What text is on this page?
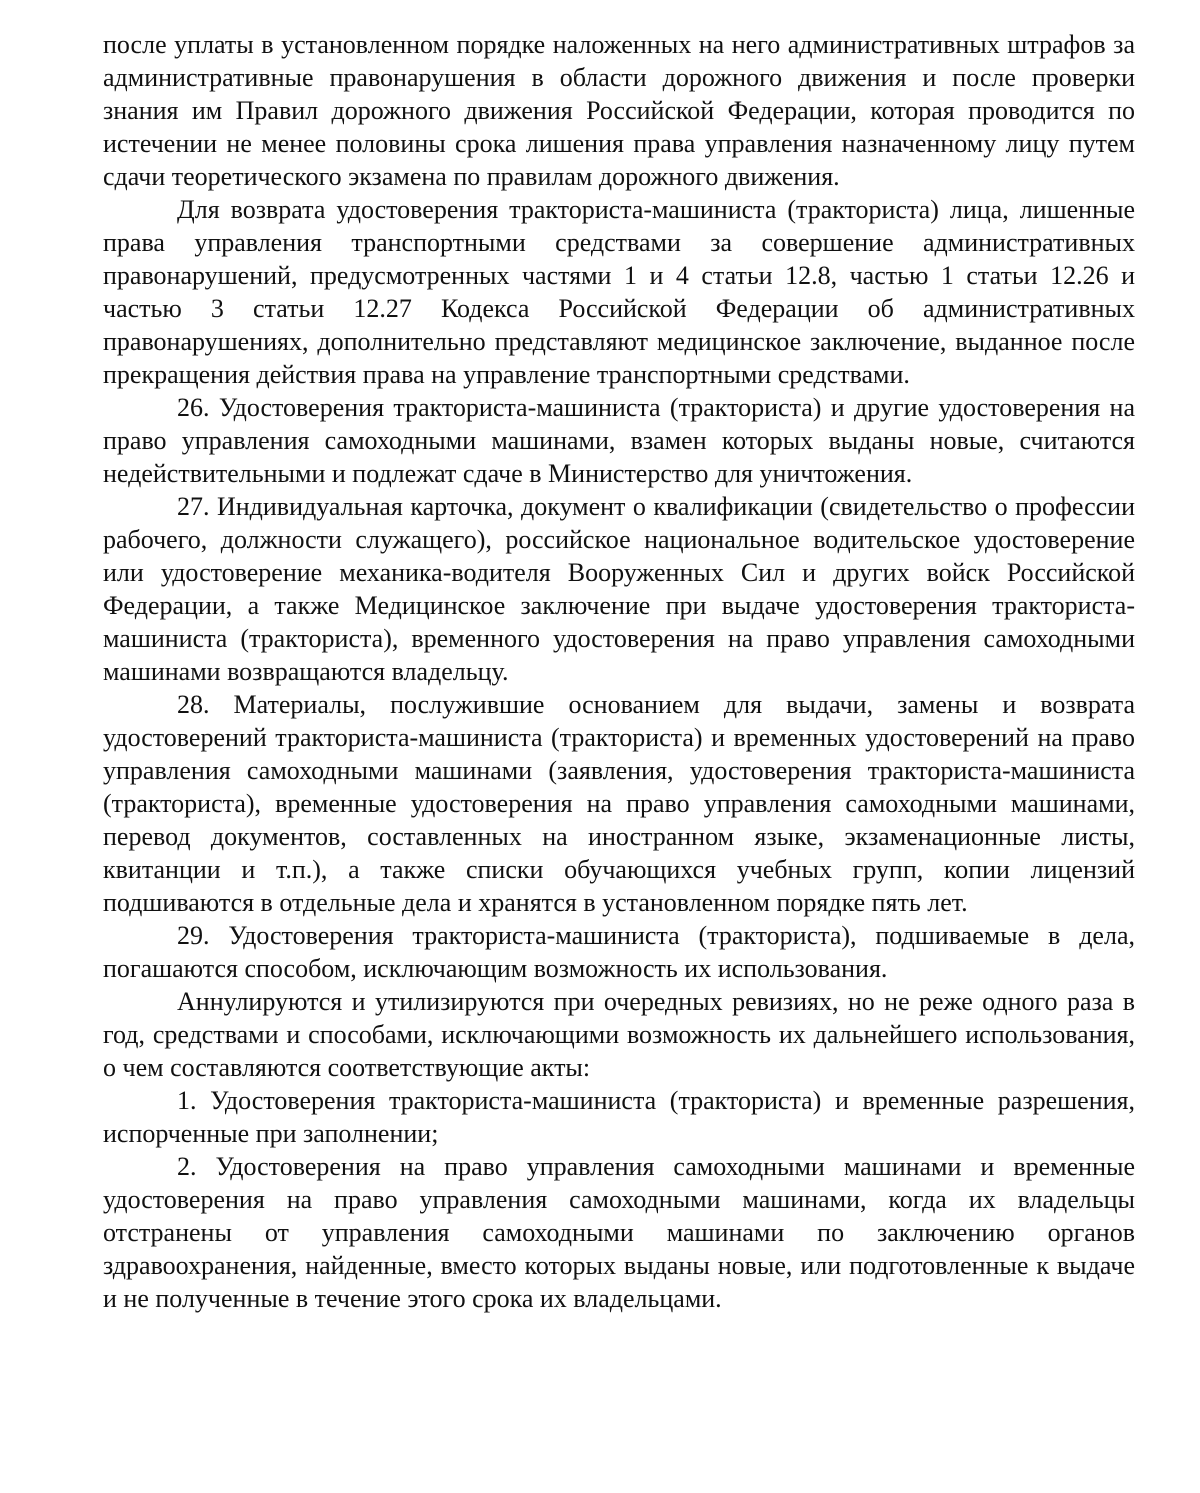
после уплаты в установленном порядке наложенных на него административных штрафов за административные правонарушения в области дорожного движения и после проверки знания им Правил дорожного движения Российской Федерации, которая проводится по истечении не менее половины срока лишения права управления назначенному лицу путем сдачи теоретического экзамена по правилам дорожного движения.

Для возврата удостоверения тракториста-машиниста (тракториста) лица, лишенные права управления транспортными средствами за совершение административных правонарушений, предусмотренных частями 1 и 4 статьи 12.8, частью 1 статьи 12.26 и частью 3 статьи 12.27 Кодекса Российской Федерации об административных правонарушениях, дополнительно представляют медицинское заключение, выданное после прекращения действия права на управление транспортными средствами.

26. Удостоверения тракториста-машиниста (тракториста) и другие удостоверения на право управления самоходными машинами, взамен которых выданы новые, считаются недействительными и подлежат сдаче в Министерство для уничтожения.

27. Индивидуальная карточка, документ о квалификации (свидетельство о профессии рабочего, должности служащего), российское национальное водительское удостоверение или удостоверение механика-водителя Вооруженных Сил и других войск Российской Федерации, а также Медицинское заключение при выдаче удостоверения тракториста-машиниста (тракториста), временного удостоверения на право управления самоходными машинами возвращаются владельцу.

28. Материалы, послужившие основанием для выдачи, замены и возврата удостоверений тракториста-машиниста (тракториста) и временных удостоверений на право управления самоходными машинами (заявления, удостоверения тракториста-машиниста (тракториста), временные удостоверения на право управления самоходными машинами, перевод документов, составленных на иностранном языке, экзаменационные листы, квитанции и т.п.), а также списки обучающихся учебных групп, копии лицензий подшиваются в отдельные дела и хранятся в установленном порядке пять лет.

29. Удостоверения тракториста-машиниста (тракториста), подшиваемые в дела, погашаются способом, исключающим возможность их использования.

Аннулируются и утилизируются при очередных ревизиях, но не реже одного раза в год, средствами и способами, исключающими возможность их дальнейшего использования, о чем составляются соответствующие акты:

1. Удостоверения тракториста-машиниста (тракториста) и временные разрешения, испорченные при заполнении;

2. Удостоверения на право управления самоходными машинами и временные удостоверения на право управления самоходными машинами, когда их владельцы отстранены от управления самоходными машинами по заключению органов здравоохранения, найденные, вместо которых выданы новые, или подготовленные к выдаче и не полученные в течение этого срока их владельцами.
